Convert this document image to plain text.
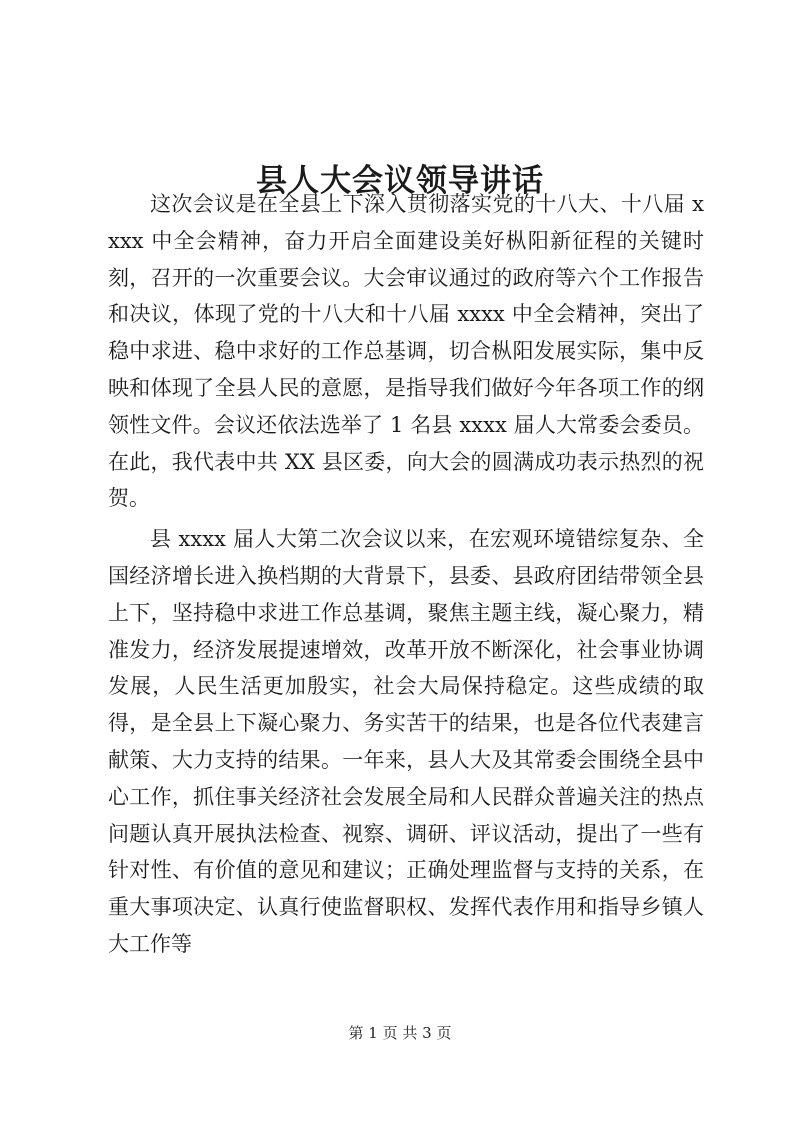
县人大会议领导讲话

这次会议是在全县上下深入贯彻落实党的十八大、十八届 xxxx 中全会精神，奋力开启全面建设美好枞阳新征程的关键时刻，召开的一次重要会议。大会审议通过的政府等六个工作报告和决议，体现了党的十八大和十八届 xxxx 中全会精神，突出了稳中求进、稳中求好的工作总基调，切合枞阳发展实际，集中反映和体现了全县人民的意愿，是指导我们做好今年各项工作的纲领性文件。会议还依法选举了 1 名县 xxxx 届人大常委会委员。在此，我代表中共 XX 县区委，向大会的圆满成功表示热烈的祝贺。

县 xxxx 届人大第二次会议以来，在宏观环境错综复杂、全国经济增长进入换档期的大背景下，县委、县政府团结带领全县上下，坚持稳中求进工作总基调，聚焦主题主线，凝心聚力，精准发力，经济发展提速增效，改革开放不断深化，社会事业协调发展，人民生活更加殷实，社会大局保持稳定。这些成绩的取得，是全县上下凝心聚力、务实苦干的结果，也是各位代表建言献策、大力支持的结果。一年来，县人大及其常委会围绕全县中心工作，抓住事关经济社会发展全局和人民群众普遍关注的热点问题认真开展执法检查、视察、调研、评议活动，提出了一些有针对性、有价值的意见和建议；正确处理监督与支持的关系，在重大事项决定、认真行使监督职权、发挥代表作用和指导乡镇人大工作等

第 1 页 共 3 页
